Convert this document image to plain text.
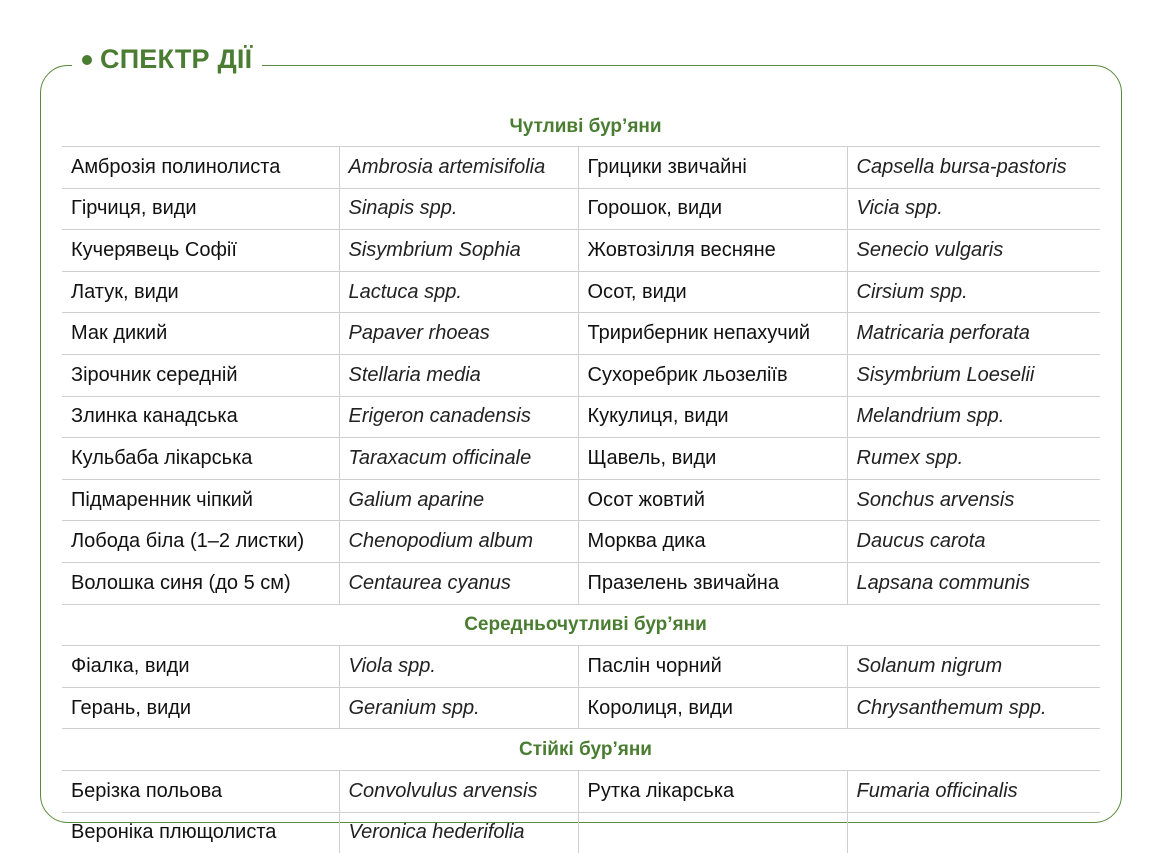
СПЕКТР ДІЇ
Чутливі бур’яни			
Амброзія полинолиста	Ambrosia artemisifolia	Грицики звичайні	Capsella bursa-pastoris
Гірчиця, види	Sinapis spp.	Горошок, види	Vicia spp.
Кучерявець Софії	Sisymbrium Sophia	Жовтозілля весняне	Senecio vulgaris
Латук, види	Lactuca spp.	Осот, види	Cirsium spp.
Мак дикий	Papaver rhoeas	Тририберник непахучий	Matricaria perforata
Зірочник середній	Stellaria media	Сухоребрик льозеліїв	Sisymbrium Loeselii
Злинка канадська	Erigeron canadensis	Кукулиця, види	Melandrium spp.
Кульбаба лікарська	Taraxacum officinale	Щавель, види	Rumex spp.
Підмаренник чіпкий	Galium aparine	Осот жовтий	Sonchus arvensis
Лобода біла (1–2 листки)	Chenopodium album	Морква дика	Daucus carota
Волошка синя (до 5 см)	Centaurea cyanus	Празелень звичайна	Lapsana communis
Середньочутливі бур’яни			
Фіалка, види	Viola spp.	Паслін чорний	Solanum nigrum
Герань, види	Geranium spp.	Королиця, види	Chrysanthemum spp.
Стійкі бур’яни			
Берізка польова	Convolvulus arvensis	Рутка лікарська	Fumaria officinalis
Вероніка плющолиста	Veronica hederifolia		
